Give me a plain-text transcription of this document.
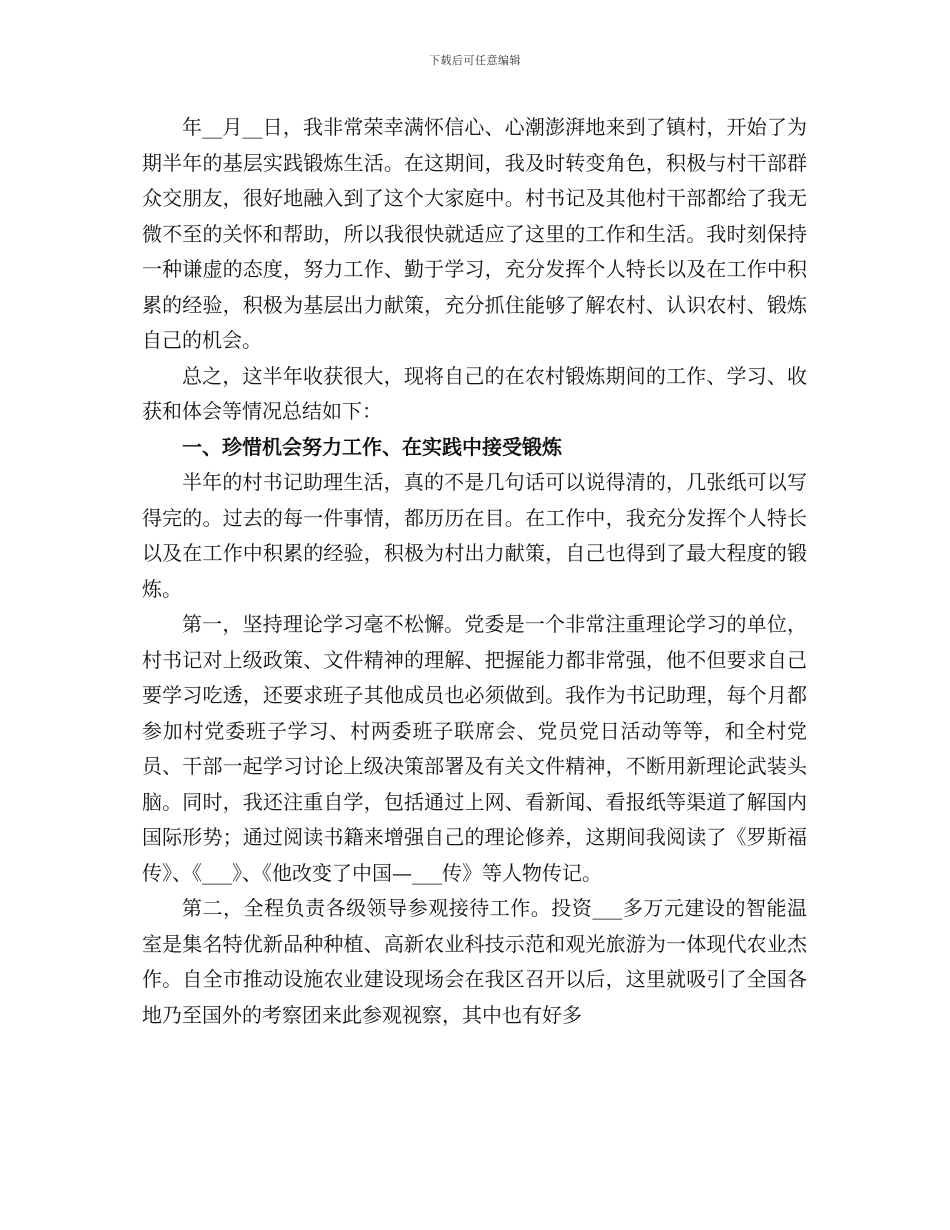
下载后可任意编辑

年__月__日，我非常荣幸满怀信心、心潮澎湃地来到了镇村，开始了为期半年的基层实践锻炼生活。在这期间，我及时转变角色，积极与村干部群众交朋友，很好地融入到了这个大家庭中。村书记及其他村干部都给了我无微不至的关怀和帮助，所以我很快就适应了这里的工作和生活。我时刻保持一种谦虚的态度，努力工作、勤于学习，充分发挥个人特长以及在工作中积累的经验，积极为基层出力献策，充分抓住能够了解农村、认识农村、锻炼自己的机会。

总之，这半年收获很大，现将自己的在农村锻炼期间的工作、学习、收获和体会等情况总结如下：

一、珍惜机会努力工作、在实践中接受锻炼

半年的村书记助理生活，真的不是几句话可以说得清的，几张纸可以写得完的。过去的每一件事情，都历历在目。在工作中，我充分发挥个人特长以及在工作中积累的经验，积极为村出力献策，自己也得到了最大程度的锻炼。

第一，坚持理论学习毫不松懈。党委是一个非常注重理论学习的单位，村书记对上级政策、文件精神的理解、把握能力都非常强，他不但要求自己要学习吃透，还要求班子其他成员也必须做到。我作为书记助理，每个月都参加村党委班子学习、村两委班子联席会、党员党日活动等等，和全村党员、干部一起学习讨论上级决策部署及有关文件精神，不断用新理论武装头脑。同时，我还注重自学，包括通过上网、看新闻、看报纸等渠道了解国内国际形势；通过阅读书籍来增强自己的理论修养，这期间我阅读了《罗斯福传》、《___》、《他改变了中国—___传》等人物传记。

第二，全程负责各级领导参观接待工作。投资___多万元建设的智能温室是集名特优新品种种植、高新农业科技示范和观光旅游为一体现代农业杰作。自全市推动设施农业建设现场会在我区召开以后，这里就吸引了全国各地乃至国外的考察团来此参观视察，其中也有好多
